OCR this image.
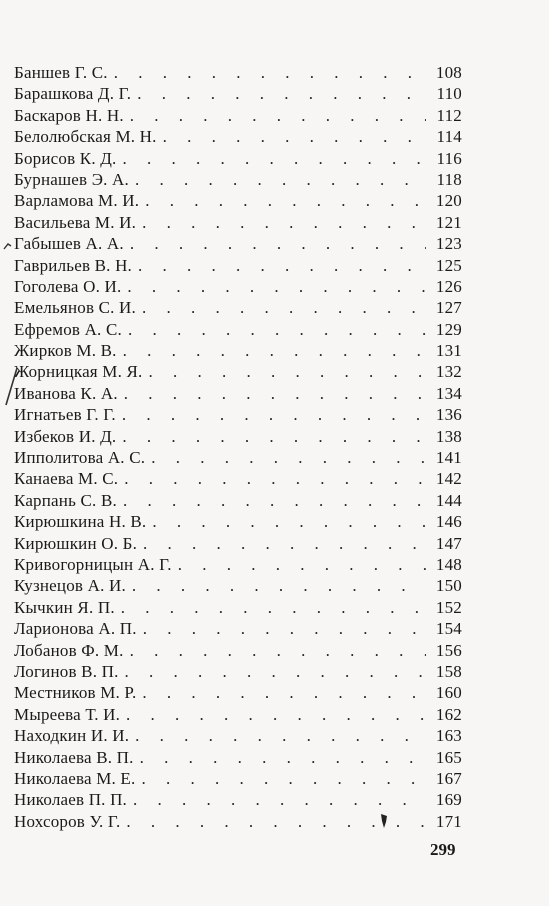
Баншев Г. С. . . .	108
Барашкова Д. Г. . . .	110
Баскаров Н. Н. . . .	112
Белолюбская М. Н. . . .	114
Борисов К. Д. . . .	116
Бурнашев Э. А. . . .	118
Варламова М. И. . . .	120
Васильева М. И. . . .	121
Габышев А. А. . . .	123
Гаврильев В. Н. . . .	125
Гоголева О. И. . . .	126
Емельянов С. И. . . .	127
Ефремов А. С. . . .	129
Жирков М. В. . . .	131
Жорницкая М. Я. . . .	132
Иванова К. А. . . .	134
Игнатьев Г. Г. . . .	136
Избеков И. Д. . . .	138
Ипполитова А. С. . . .	141
Канаева М. С. . . .	142
Карпань С. В. . . .	144
Кирюшкина Н. В. . . .	146
Кирюшкин О. Б. . . .	147
Кривогорницын А. Г. . . .	148
Кузнецов А. И. . . .	150
Кычкин Я. П. . . .	152
Ларионова А. П. . . .	154
Лобанов Ф. М. . . .	156
Логинов В. П. . . .	158
Местников М. Р. . . .	160
Мыреева Т. И. . . .	162
Находкин И. И. . . .	163
Николаева В. П. . . .	165
Николаева М. Е. . . .	167
Николаев П. П. . . .	169
Нохсоров У. Г. . . .	171
299
